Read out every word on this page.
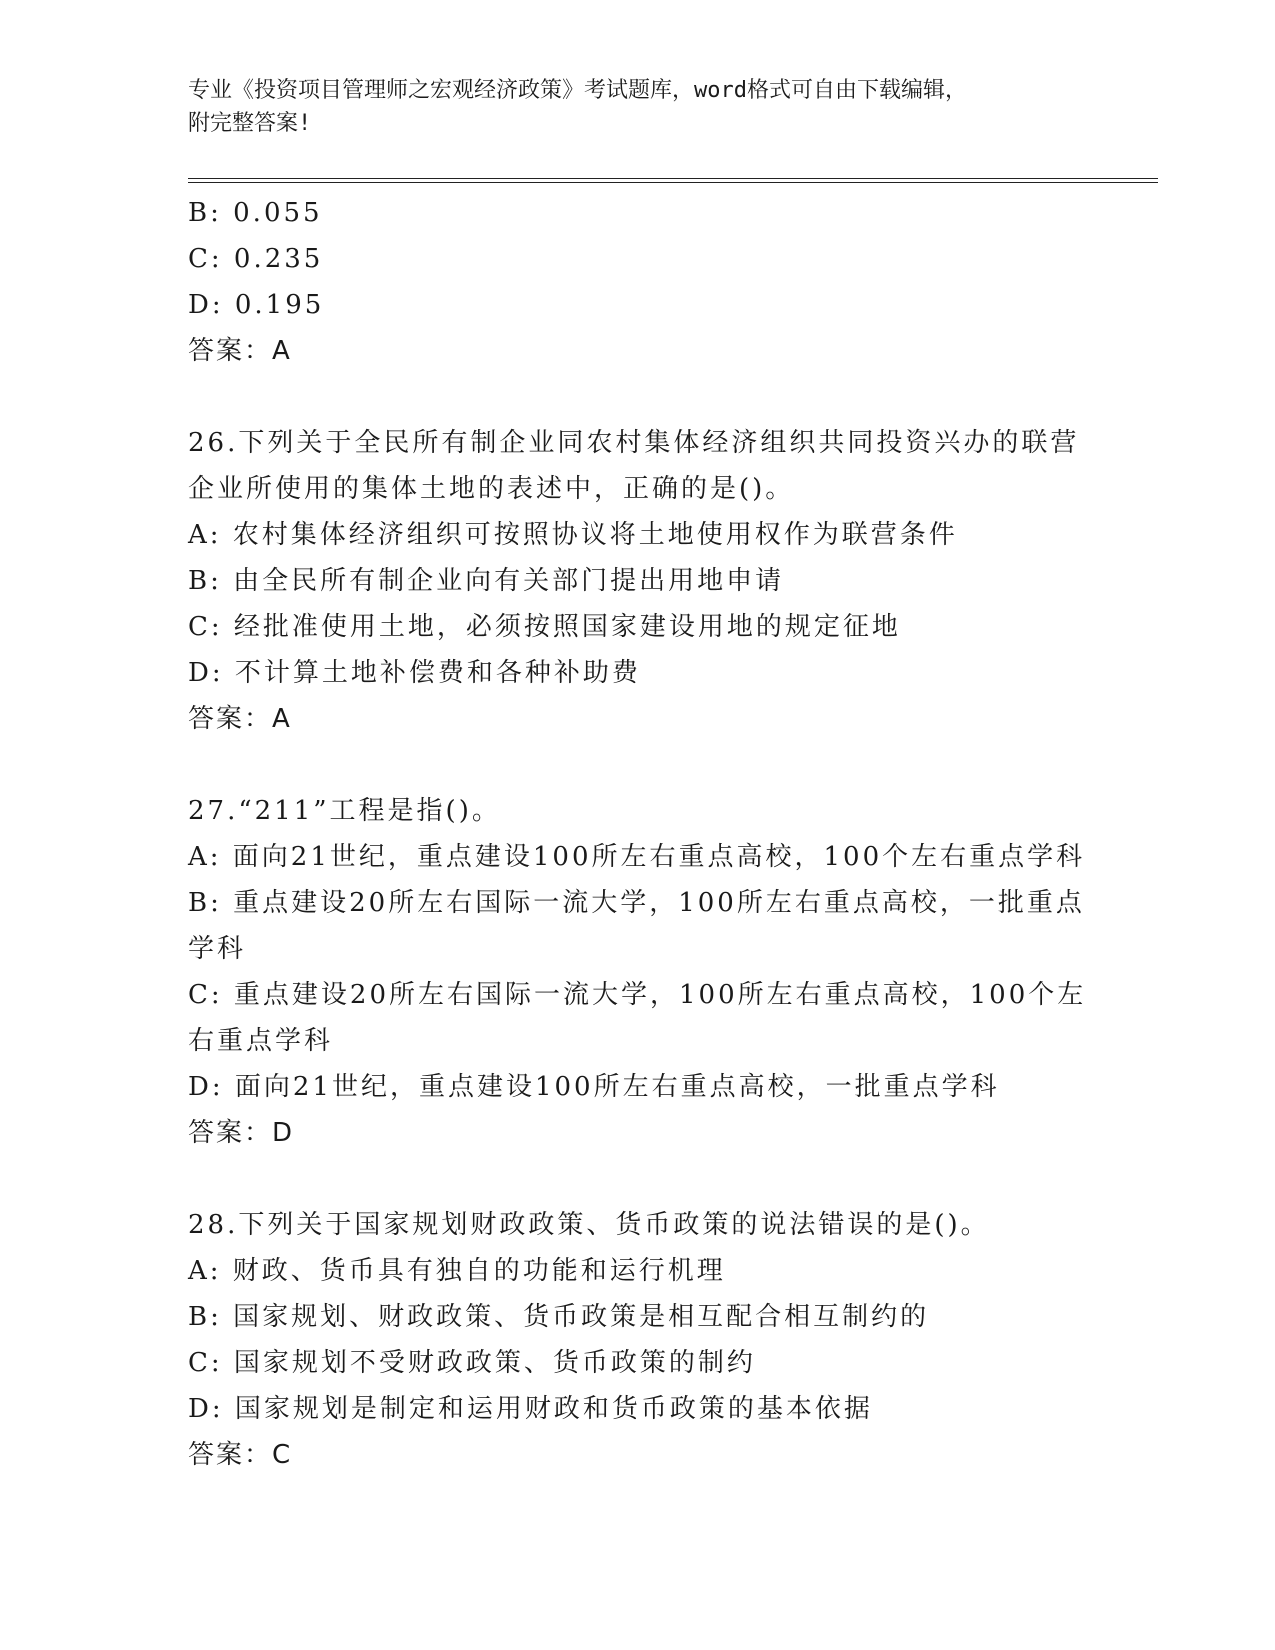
专业《投资项目管理师之宏观经济政策》考试题库，word格式可自由下载编辑，
附完整答案!
B: 0.055
C: 0.235
D: 0.195
答案：A
26.下列关于全民所有制企业同农村集体经济组织共同投资兴办的联营
企业所使用的集体土地的表述中，正确的是()。
A: 农村集体经济组织可按照协议将土地使用权作为联营条件
B: 由全民所有制企业向有关部门提出用地申请
C: 经批准使用土地，必须按照国家建设用地的规定征地
D: 不计算土地补偿费和各种补助费
答案：A
27.“211”工程是指()。
A: 面向21世纪，重点建设100所左右重点高校，100个左右重点学科
B: 重点建设20所左右国际一流大学，100所左右重点高校，一批重点
学科
C: 重点建设20所左右国际一流大学，100所左右重点高校，100个左
右重点学科
D: 面向21世纪，重点建设100所左右重点高校，一批重点学科
答案：D
28.下列关于国家规划财政政策、货币政策的说法错误的是()。
A: 财政、货币具有独自的功能和运行机理
B: 国家规划、财政政策、货币政策是相互配合相互制约的
C: 国家规划不受财政政策、货币政策的制约
D: 国家规划是制定和运用财政和货币政策的基本依据
答案：C
